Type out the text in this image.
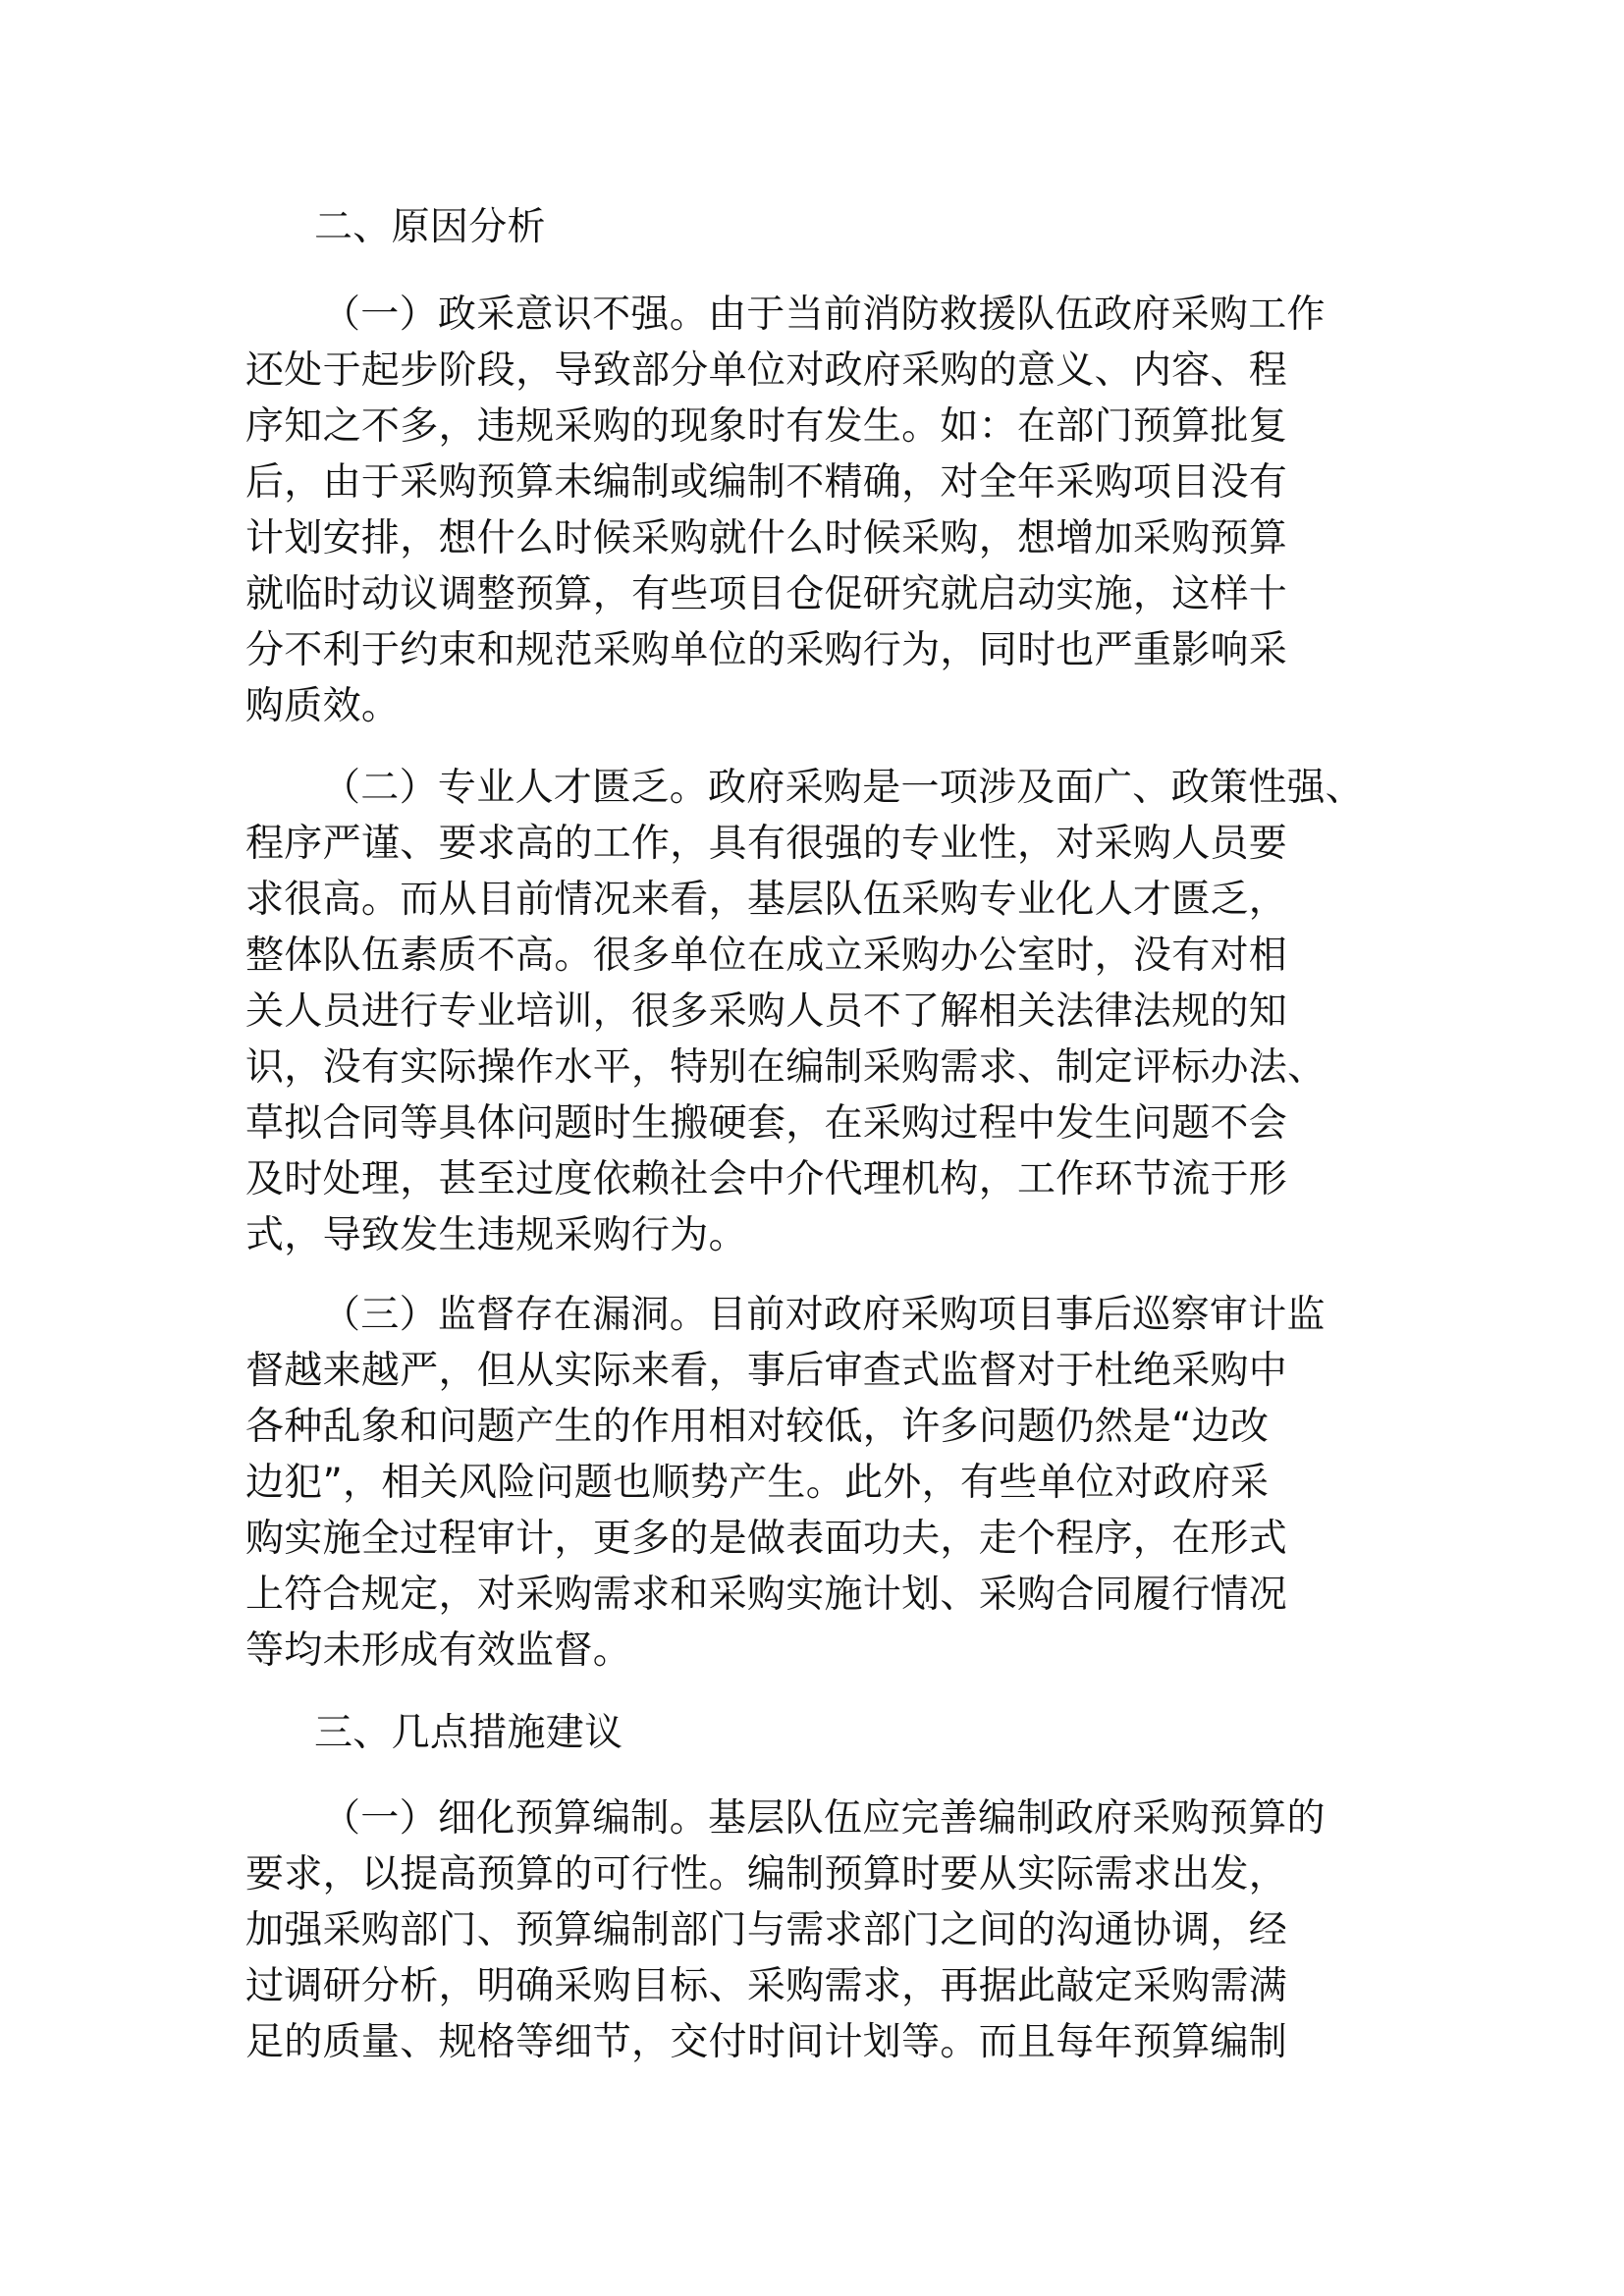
二、原因分析
（一）政采意识不强。由于当前消防救援队伍政府采购工作
还处于起步阶段，导致部分单位对政府采购的意义、内容、程
序知之不多，违规采购的现象时有发生。如：在部门预算批复
后，由于采购预算未编制或编制不精确，对全年采购项目没有
计划安排，想什么时候采购就什么时候采购，想增加采购预算
就临时动议调整预算，有些项目仓促研究就启动实施，这样十
分不利于约束和规范采购单位的采购行为，同时也严重影响采
购质效。
（二）专业人才匮乏。政府采购是一项涉及面广、政策性强、
程序严谨、要求高的工作，具有很强的专业性，对采购人员要
求很高。而从目前情况来看，基层队伍采购专业化人才匮乏，
整体队伍素质不高。很多单位在成立采购办公室时，没有对相
关人员进行专业培训，很多采购人员不了解相关法律法规的知
识，没有实际操作水平，特别在编制采购需求、制定评标办法、
草拟合同等具体问题时生搬硬套，在采购过程中发生问题不会
及时处理，甚至过度依赖社会中介代理机构，工作环节流于形
式，导致发生违规采购行为。
（三）监督存在漏洞。目前对政府采购项目事后巡察审计监
督越来越严，但从实际来看，事后审查式监督对于杜绝采购中
各种乱象和问题产生的作用相对较低，许多问题仍然是“边改
边犯”，相关风险问题也顺势产生。此外，有些单位对政府采
购实施全过程审计，更多的是做表面功夫，走个程序，在形式
上符合规定，对采购需求和采购实施计划、采购合同履行情况
等均未形成有效监督。
三、几点措施建议
（一）细化预算编制。基层队伍应完善编制政府采购预算的
要求，以提高预算的可行性。编制预算时要从实际需求出发，
加强采购部门、预算编制部门与需求部门之间的沟通协调，经
过调研分析，明确采购目标、采购需求，再据此敲定采购需满
足的质量、规格等细节，交付时间计划等。而且每年预算编制
